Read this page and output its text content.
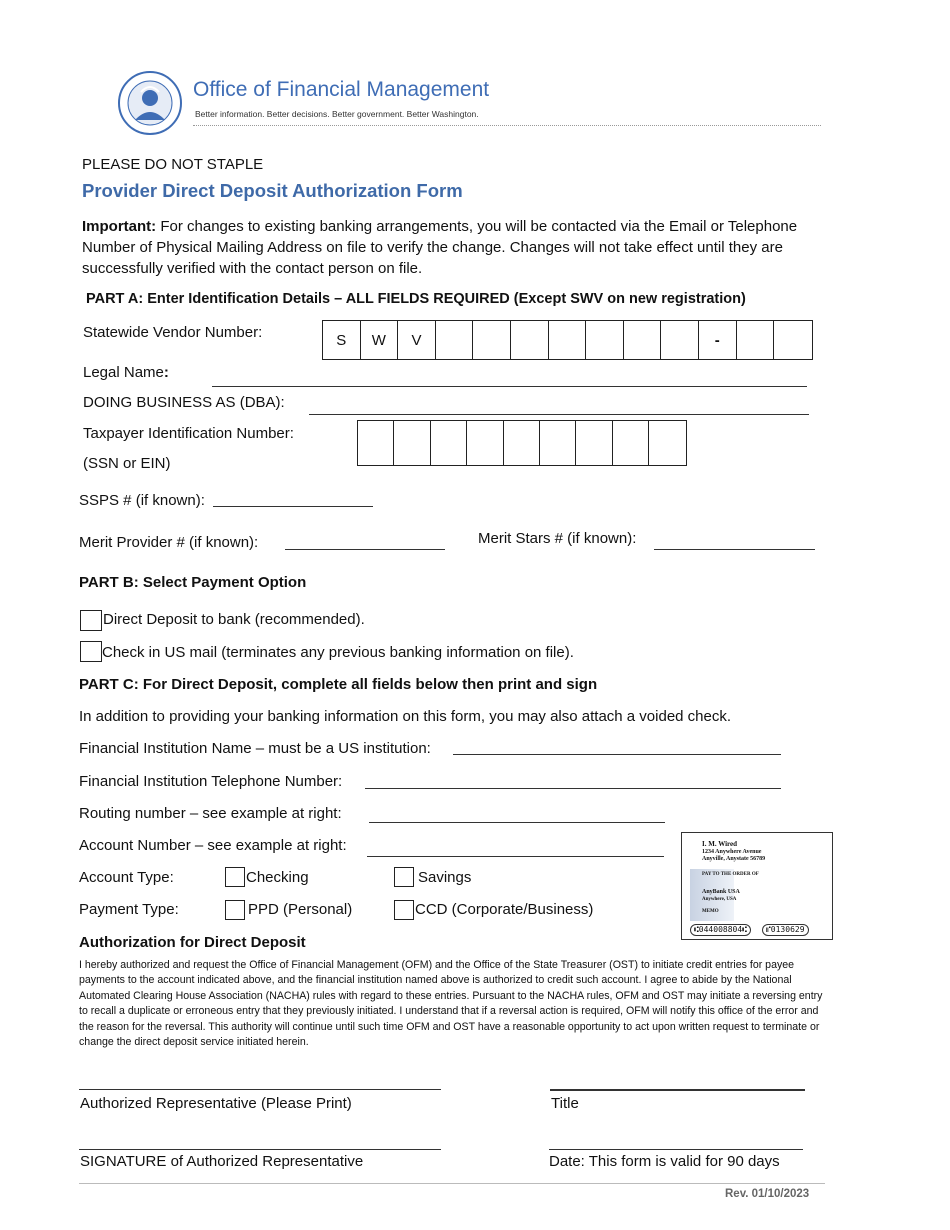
Office of Financial Management
Better information. Better decisions. Better government. Better Washington.
PLEASE DO NOT STAPLE
Provider Direct Deposit Authorization Form
Important: For changes to existing banking arrangements, you will be contacted via the Email or Telephone Number of Physical Mailing Address on file to verify the change. Changes will not take effect until they are successfully verified with the contact person on file.
PART A: Enter Identification Details – ALL FIELDS REQUIRED (Except SWV on new registration)
Statewide Vendor Number:	S	W	V	-
Legal Name:
DOING BUSINESS AS (DBA):
Taxpayer Identification Number:
(SSN or EIN)
SSPS # (if known):
Merit Provider # (if known):	Merit Stars # (if known):
PART B: Select Payment Option
Direct Deposit to bank (recommended).
Check in US mail (terminates any previous banking information on file).
PART C: For Direct Deposit, complete all fields below then print and sign
In addition to providing your banking information on this form, you may also attach a voided check.
Financial Institution Name – must be a US institution:
Financial Institution Telephone Number:
Routing number – see example at right:
Account Number – see example at right:
Account Type:	Checking	Savings
Payment Type:	PPD (Personal)	CCD (Corporate/Business)
I. M. Wired
1234 Anywhere Avenue
Anyville, Anystate 56789
PAY TO THE ORDER OF
AnyBank USA
Anywhere, USA
MEMO
⑆044008804⑆	⑈0130629
Authorization for Direct Deposit
I hereby authorized and request the Office of Financial Management (OFM) and the Office of the State Treasurer (OST) to initiate credit entries for payee payments to the account indicated above, and the financial institution named above is authorized to credit such account. I agree to abide by the National Automated Clearing House Association (NACHA) rules with regard to these entries. Pursuant to the NACHA rules, OFM and OST may initiate a reversing entry to recall a duplicate or erroneous entry that they previously initiated. I understand that if a reversal action is required, OFM will notify this office of the error and the reason for the reversal. This authority will continue until such time OFM and OST have a reasonable opportunity to act upon written request to terminate or change the direct deposit service initiated herein.
Authorized Representative (Please Print)	Title
SIGNATURE of Authorized Representative	Date: This form is valid for 90 days
Rev. 01/10/2023
